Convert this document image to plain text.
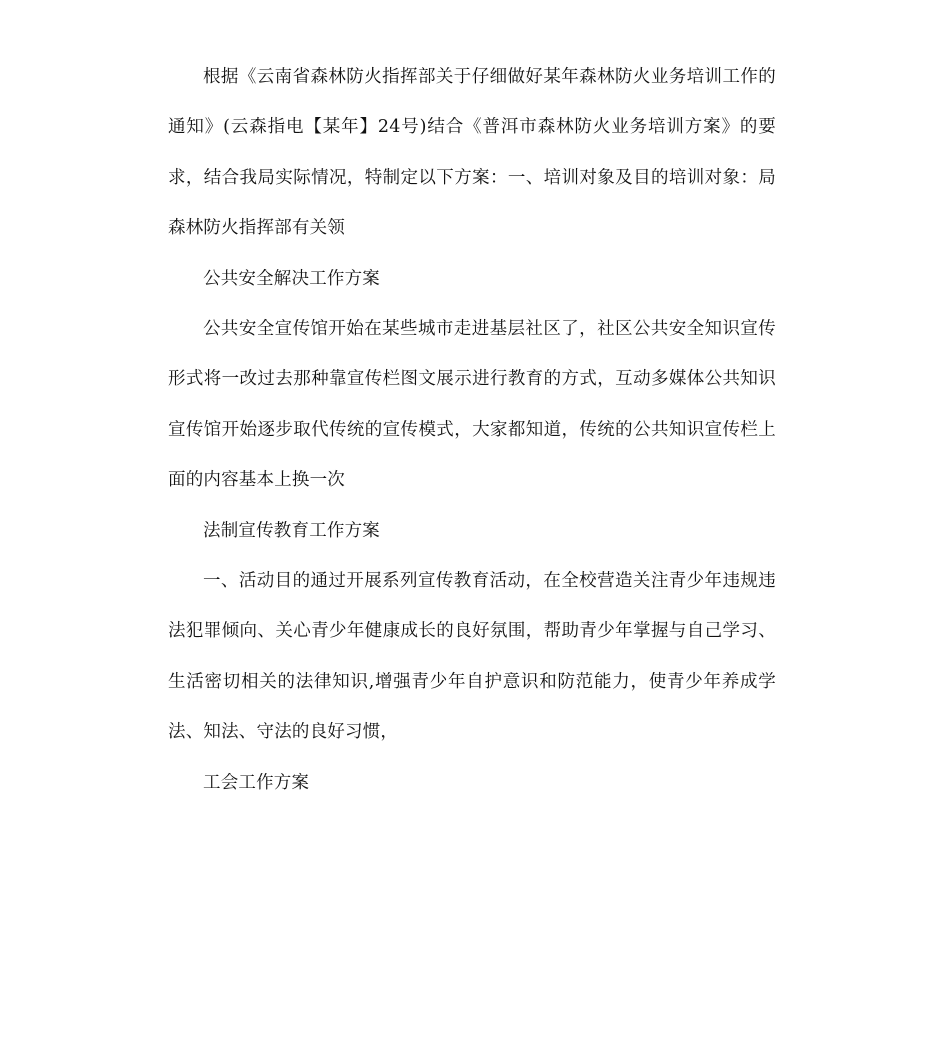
根据《云南省森林防火指挥部关于仔细做好某年森林防火业务培训工作的通知》(云森指电【某年】24号)结合《普洱市森林防火业务培训方案》的要求，结合我局实际情况，特制定以下方案：一、培训对象及目的培训对象：局森林防火指挥部有关领

公共安全解决工作方案

公共安全宣传馆开始在某些城市走进基层社区了，社区公共安全知识宣传形式将一改过去那种靠宣传栏图文展示进行教育的方式，互动多媒体公共知识宣传馆开始逐步取代传统的宣传模式，大家都知道，传统的公共知识宣传栏上面的内容基本上换一次

法制宣传教育工作方案

一、活动目的通过开展系列宣传教育活动，在全校营造关注青少年违规违法犯罪倾向、关心青少年健康成长的良好氛围，帮助青少年掌握与自己学习、生活密切相关的法律知识,增强青少年自护意识和防范能力，使青少年养成学法、知法、守法的良好习惯，

工会工作方案
